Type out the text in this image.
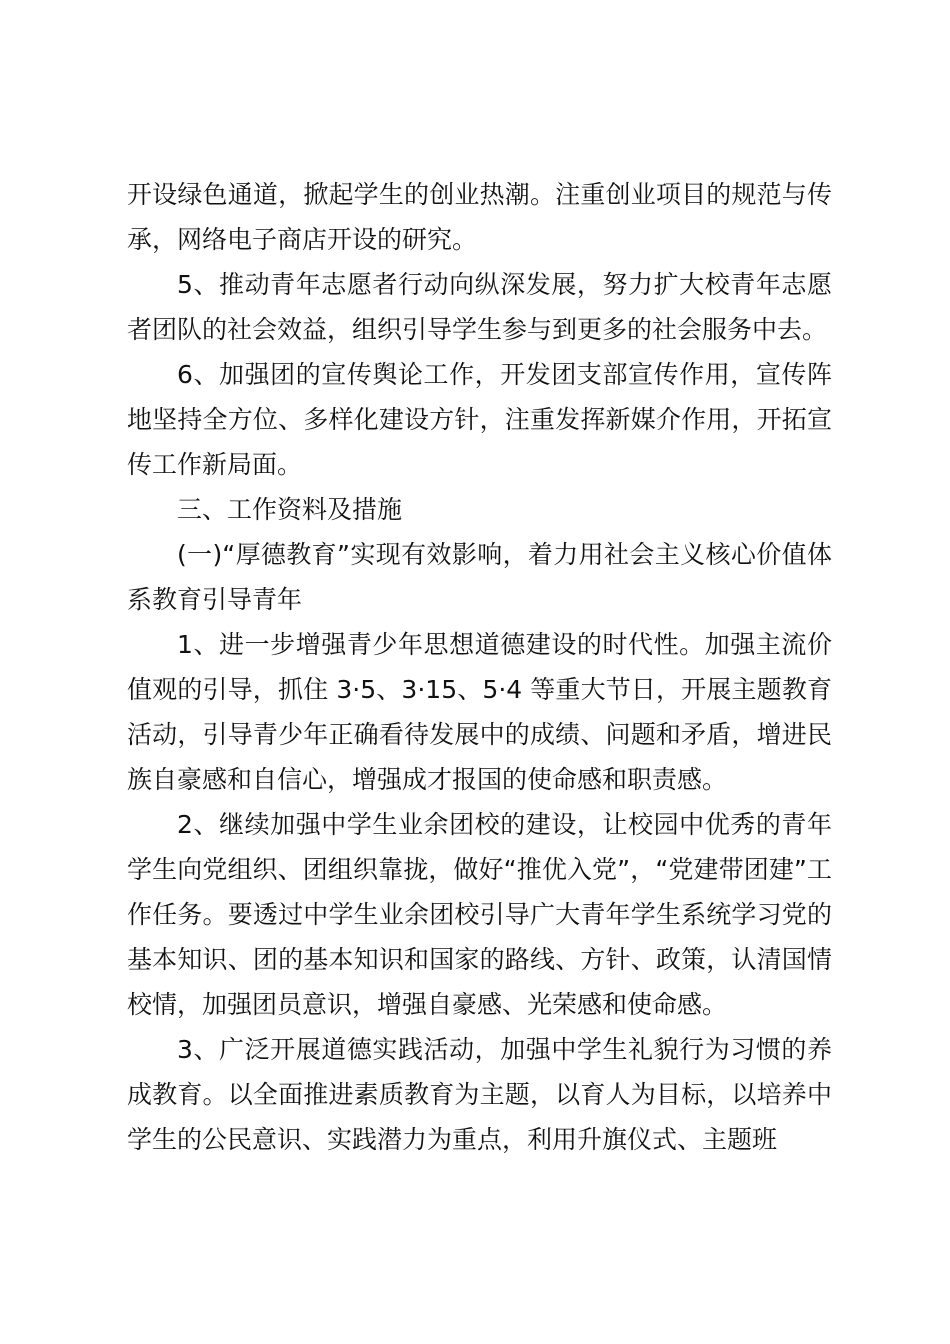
开设绿色通道，掀起学生的创业热潮。注重创业项目的规范与传承，网络电子商店开设的研究。

5、推动青年志愿者行动向纵深发展，努力扩大校青年志愿者团队的社会效益，组织引导学生参与到更多的社会服务中去。

6、加强团的宣传舆论工作，开发团支部宣传作用，宣传阵地坚持全方位、多样化建设方针，注重发挥新媒介作用，开拓宣传工作新局面。

三、工作资料及措施

(一)“厚德教育”实现有效影响，着力用社会主义核心价值体系教育引导青年

1、进一步增强青少年思想道德建设的时代性。加强主流价值观的引导，抓住 3·5、3·15、5·4 等重大节日，开展主题教育活动，引导青少年正确看待发展中的成绩、问题和矛盾，增进民族自豪感和自信心，增强成才报国的使命感和职责感。

2、继续加强中学生业余团校的建设，让校园中优秀的青年学生向党组织、团组织靠拢，做好“推优入党”，“党建带团建”工作任务。要透过中学生业余团校引导广大青年学生系统学习党的基本知识、团的基本知识和国家的路线、方针、政策，认清国情校情，加强团员意识，增强自豪感、光荣感和使命感。

3、广泛开展道德实践活动，加强中学生礼貌行为习惯的养成教育。以全面推进素质教育为主题，以育人为目标，以培养中学生的公民意识、实践潜力为重点，利用升旗仪式、主题班
